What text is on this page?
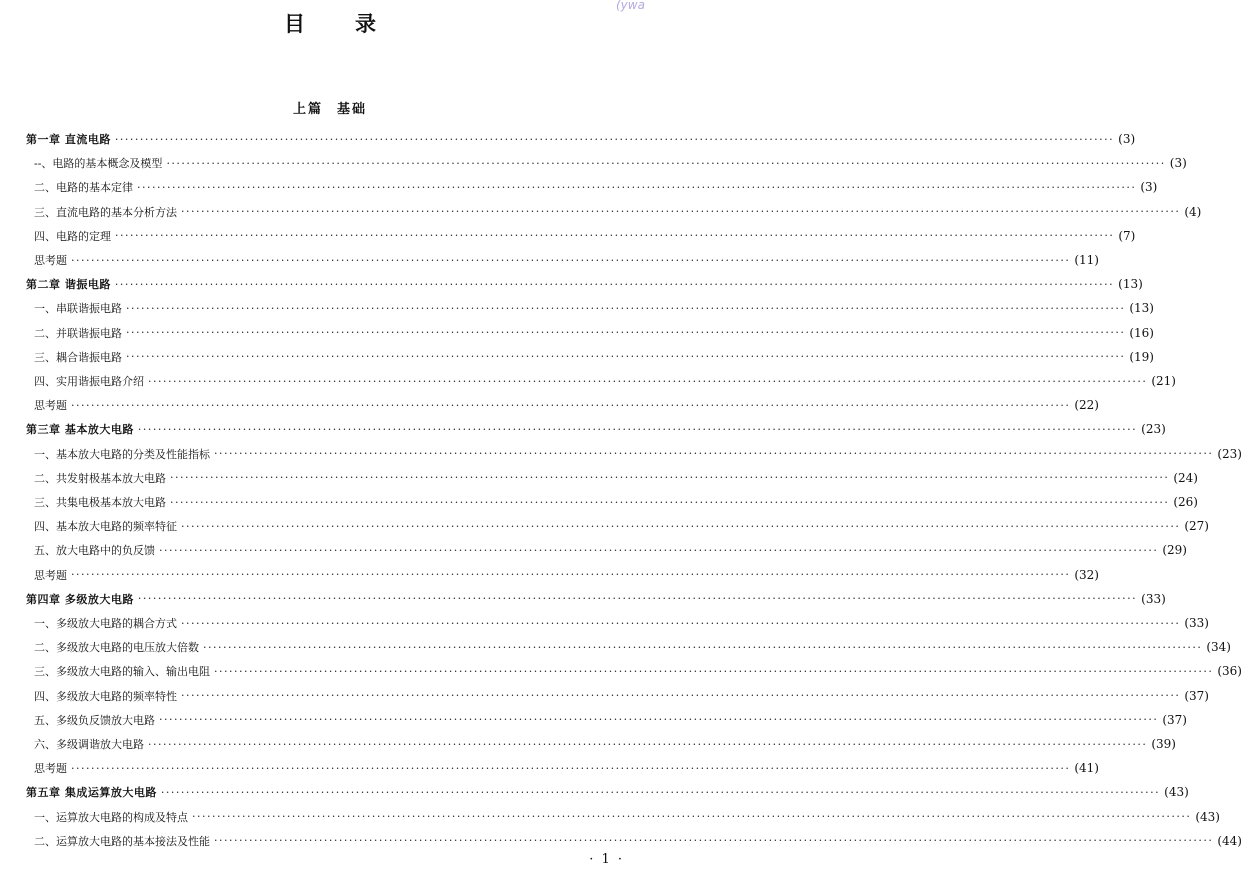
目录
(ywa
上篇 基础
第一章 直流电路 ········································································································································································································ (3)
--、电路的基本概念及模型 ········································································································································································································ (3)
二、电路的基本定律 ········································································································································································································ (3)
三、直流电路的基本分析方法 ········································································································································································································ (4)
四、电路的定理 ········································································································································································································ (7)
思考题 ········································································································································································································ (11)
第二章 谐振电路 ········································································································································································································ (13)
一、串联谐振电路 ········································································································································································································ (13)
二、并联谐振电路 ········································································································································································································ (16)
三、耦合谐振电路 ········································································································································································································ (19)
四、实用谐振电路介绍 ········································································································································································································ (21)
思考题 ········································································································································································································ (22)
第三章 基本放大电路 ········································································································································································································ (23)
一、基本放大电路的分类及性能指标 ········································································································································································································ (23)
二、共发射极基本放大电路 ········································································································································································································ (24)
三、共集电极基本放大电路 ········································································································································································································ (26)
四、基本放大电路的频率特征 ········································································································································································································ (27)
五、放大电路中的负反馈 ········································································································································································································ (29)
思考题 ········································································································································································································ (32)
第四章 多级放大电路 ········································································································································································································ (33)
一、多级放大电路的耦合方式 ········································································································································································································ (33)
二、多级放大电路的电压放大倍数 ········································································································································································································ (34)
三、多级放大电路的输入、输出电阻 ········································································································································································································ (36)
四、多级放大电路的频率特性 ········································································································································································································ (37)
五、多级负反馈放大电路 ········································································································································································································ (37)
六、多级调谐放大电路 ········································································································································································································ (39)
思考题 ········································································································································································································ (41)
第五章 集成运算放大电路 ········································································································································································································ (43)
一、运算放大电路的构成及特点 ········································································································································································································ (43)
二、运算放大电路的基本接法及性能 ········································································································································································································ (44)
· 1 ·
